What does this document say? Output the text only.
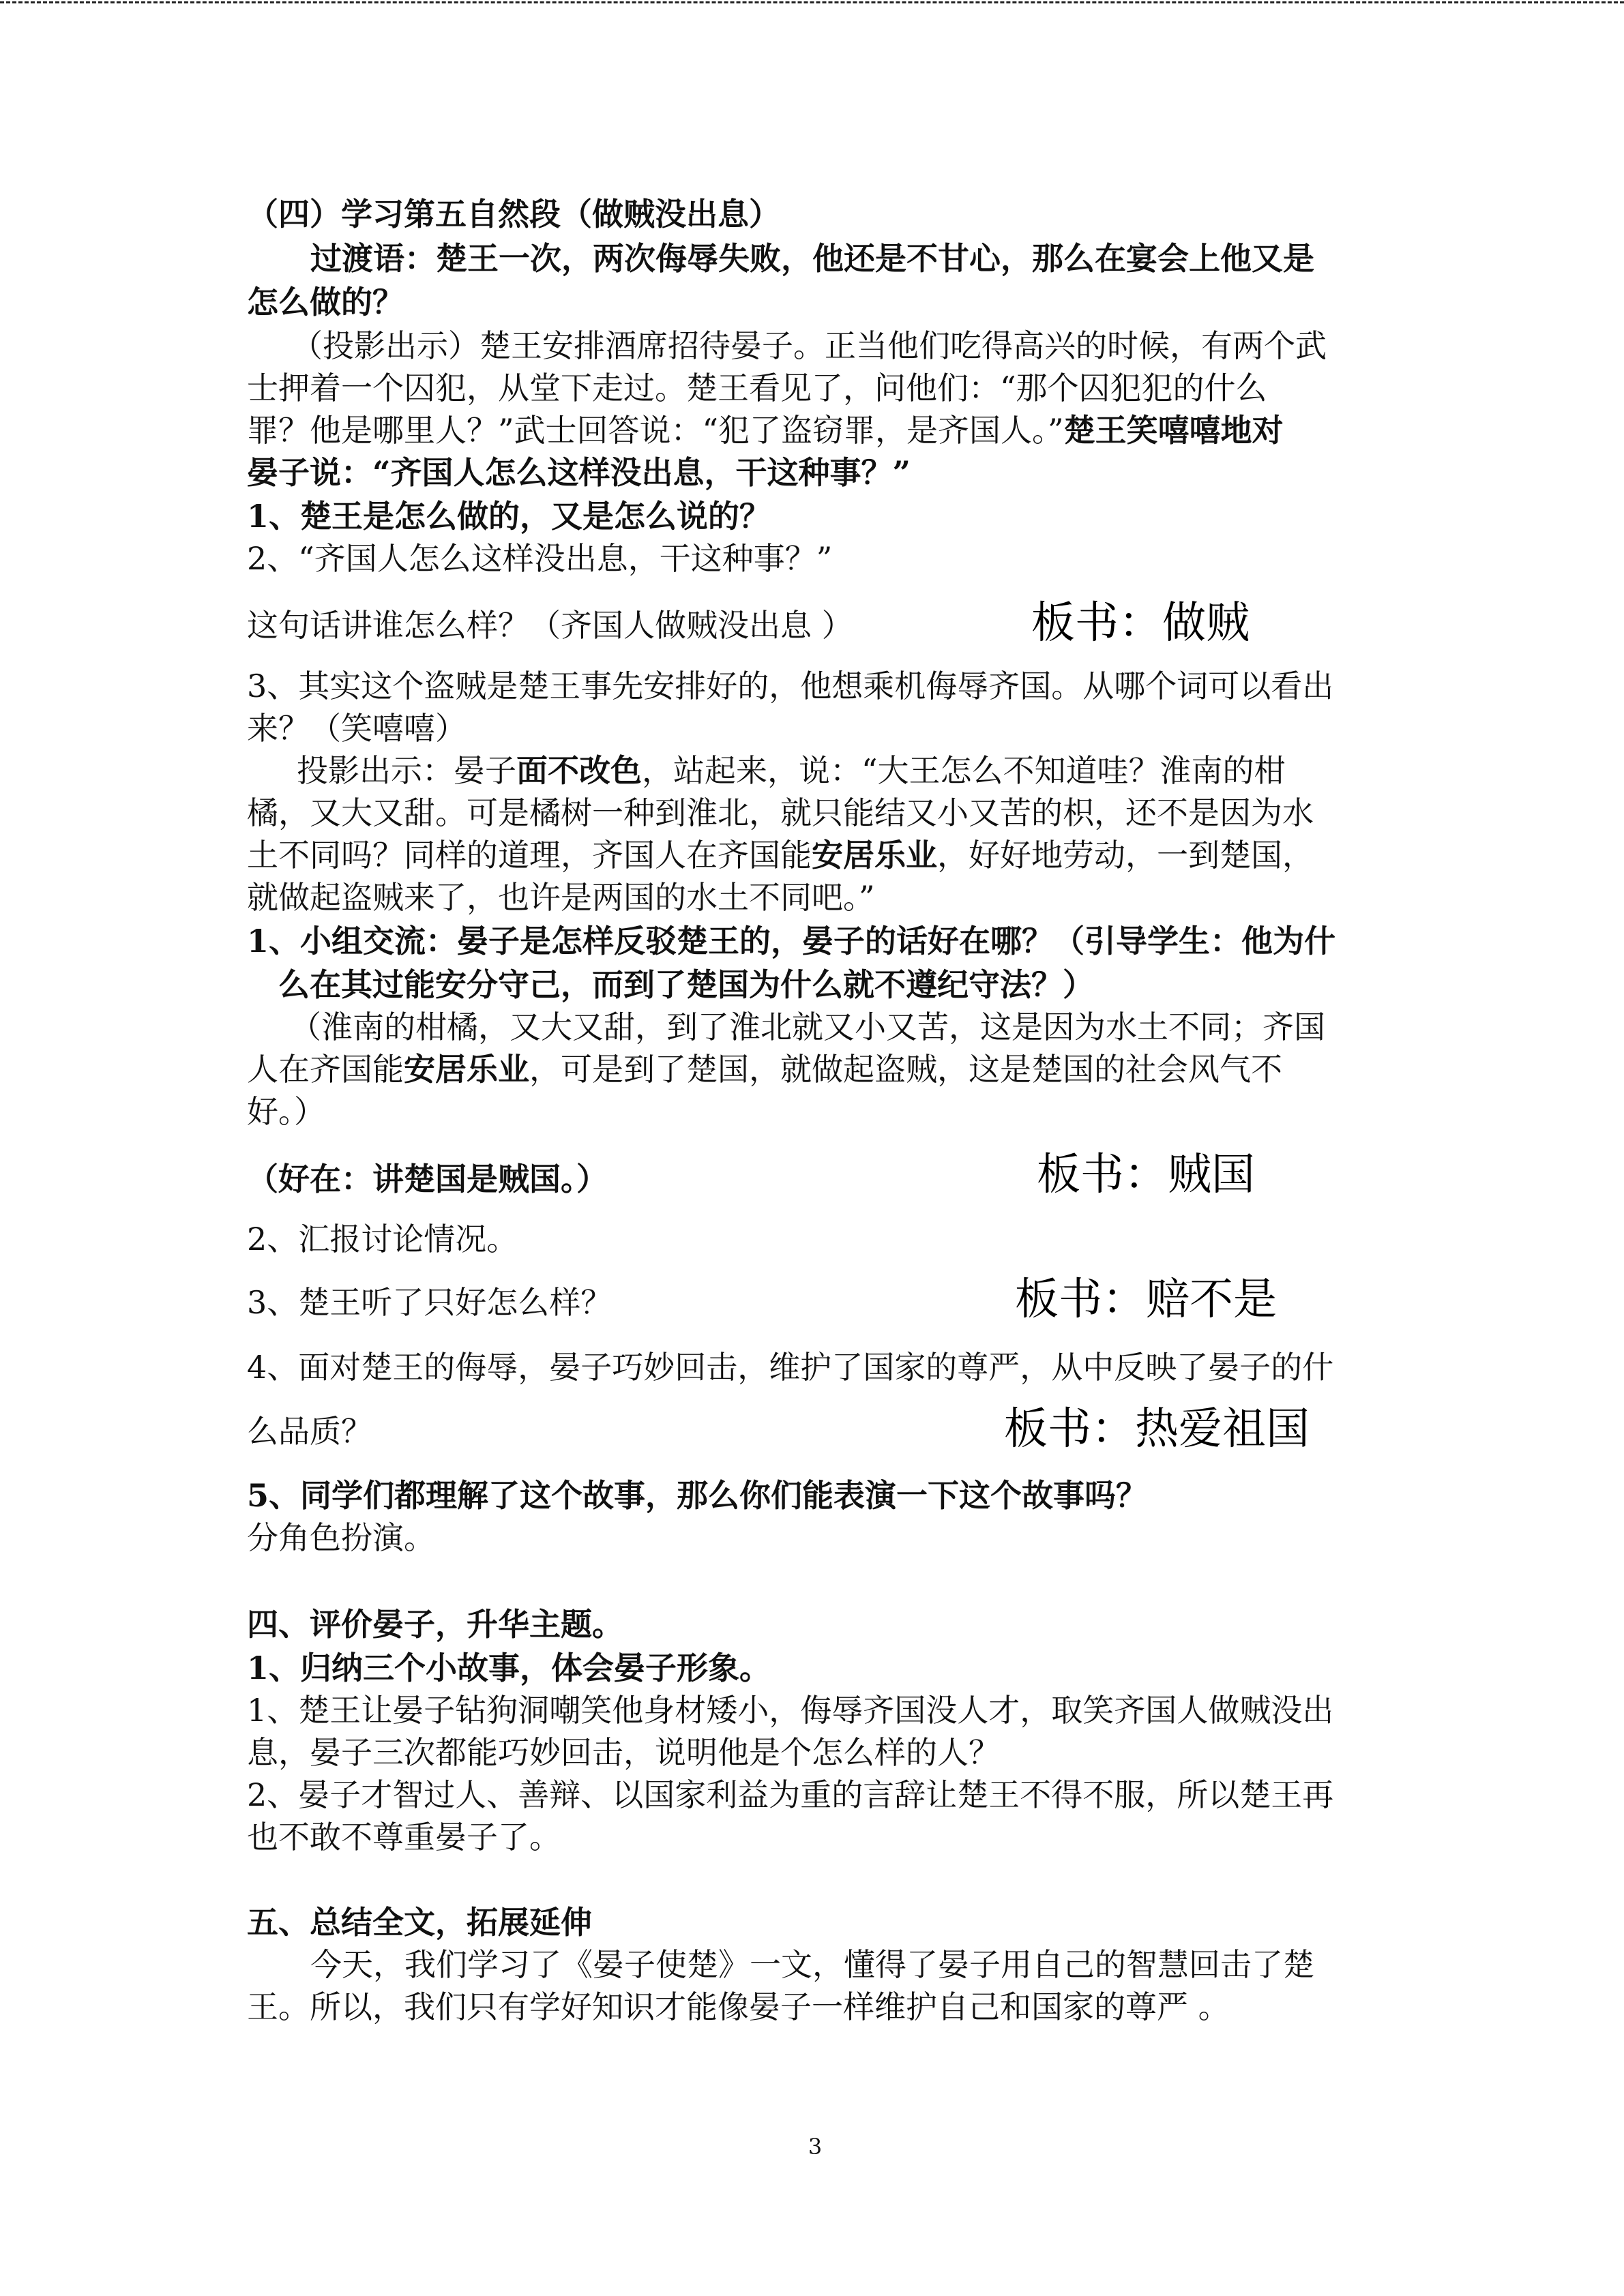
（四）学习第五自然段（做贼没出息）
过渡语：楚王一次，两次侮辱失败，他还是不甘心，那么在宴会上他又是
怎么做的？
（投影出示）楚王安排酒席招待晏子。正当他们吃得高兴的时候，有两个武
士押着一个囚犯，从堂下走过。楚王看见了，问他们：“那个囚犯犯的什么
罪？他是哪里人？”武士回答说：“犯了盗窃罪，是齐国人。”楚王笑嘻嘻地对
晏子说：“齐国人怎么这样没出息，干这种事？”
1、楚王是怎么做的，又是怎么说的？
2、“齐国人怎么这样没出息，干这种事？”
这句话讲谁怎么样？（齐国人做贼没出息 ）	板书：做贼
3、其实这个盗贼是楚王事先安排好的，他想乘机侮辱齐国。从哪个词可以看出
来？（笑嘻嘻）
投影出示：晏子面不改色，站起来，说：“大王怎么不知道哇？淮南的柑
橘，又大又甜。可是橘树一种到淮北，就只能结又小又苦的枳，还不是因为水
土不同吗？同样的道理，齐国人在齐国能安居乐业，好好地劳动，一到楚国，
就做起盗贼来了，也许是两国的水土不同吧。”
1、小组交流：晏子是怎样反驳楚王的，晏子的话好在哪？（引导学生：他为什
么在其过能安分守己，而到了楚国为什么就不遵纪守法？）
（淮南的柑橘，又大又甜，到了淮北就又小又苦，这是因为水土不同；齐国
人在齐国能安居乐业，可是到了楚国，就做起盗贼，这是楚国的社会风气不
好。）
（好在：讲楚国是贼国。）	板书：贼国
2、汇报讨论情况。
3、楚王听了只好怎么样？	板书：赔不是
4、面对楚王的侮辱，晏子巧妙回击，维护了国家的尊严，从中反映了晏子的什
么品质？	板书：热爱祖国
5、同学们都理解了这个故事，那么你们能表演一下这个故事吗？
分角色扮演。
四、评价晏子，升华主题。
1、归纳三个小故事，体会晏子形象。
1、楚王让晏子钻狗洞嘲笑他身材矮小，侮辱齐国没人才，取笑齐国人做贼没出
息，晏子三次都能巧妙回击，说明他是个怎么样的人？
2、晏子才智过人、善辩、以国家利益为重的言辞让楚王不得不服，所以楚王再
也不敢不尊重晏子了。
五、总结全文，拓展延伸
今天，我们学习了《晏子使楚》一文，懂得了晏子用自己的智慧回击了楚
王。所以，我们只有学好知识才能像晏子一样维护自己和国家的尊严 。
3
